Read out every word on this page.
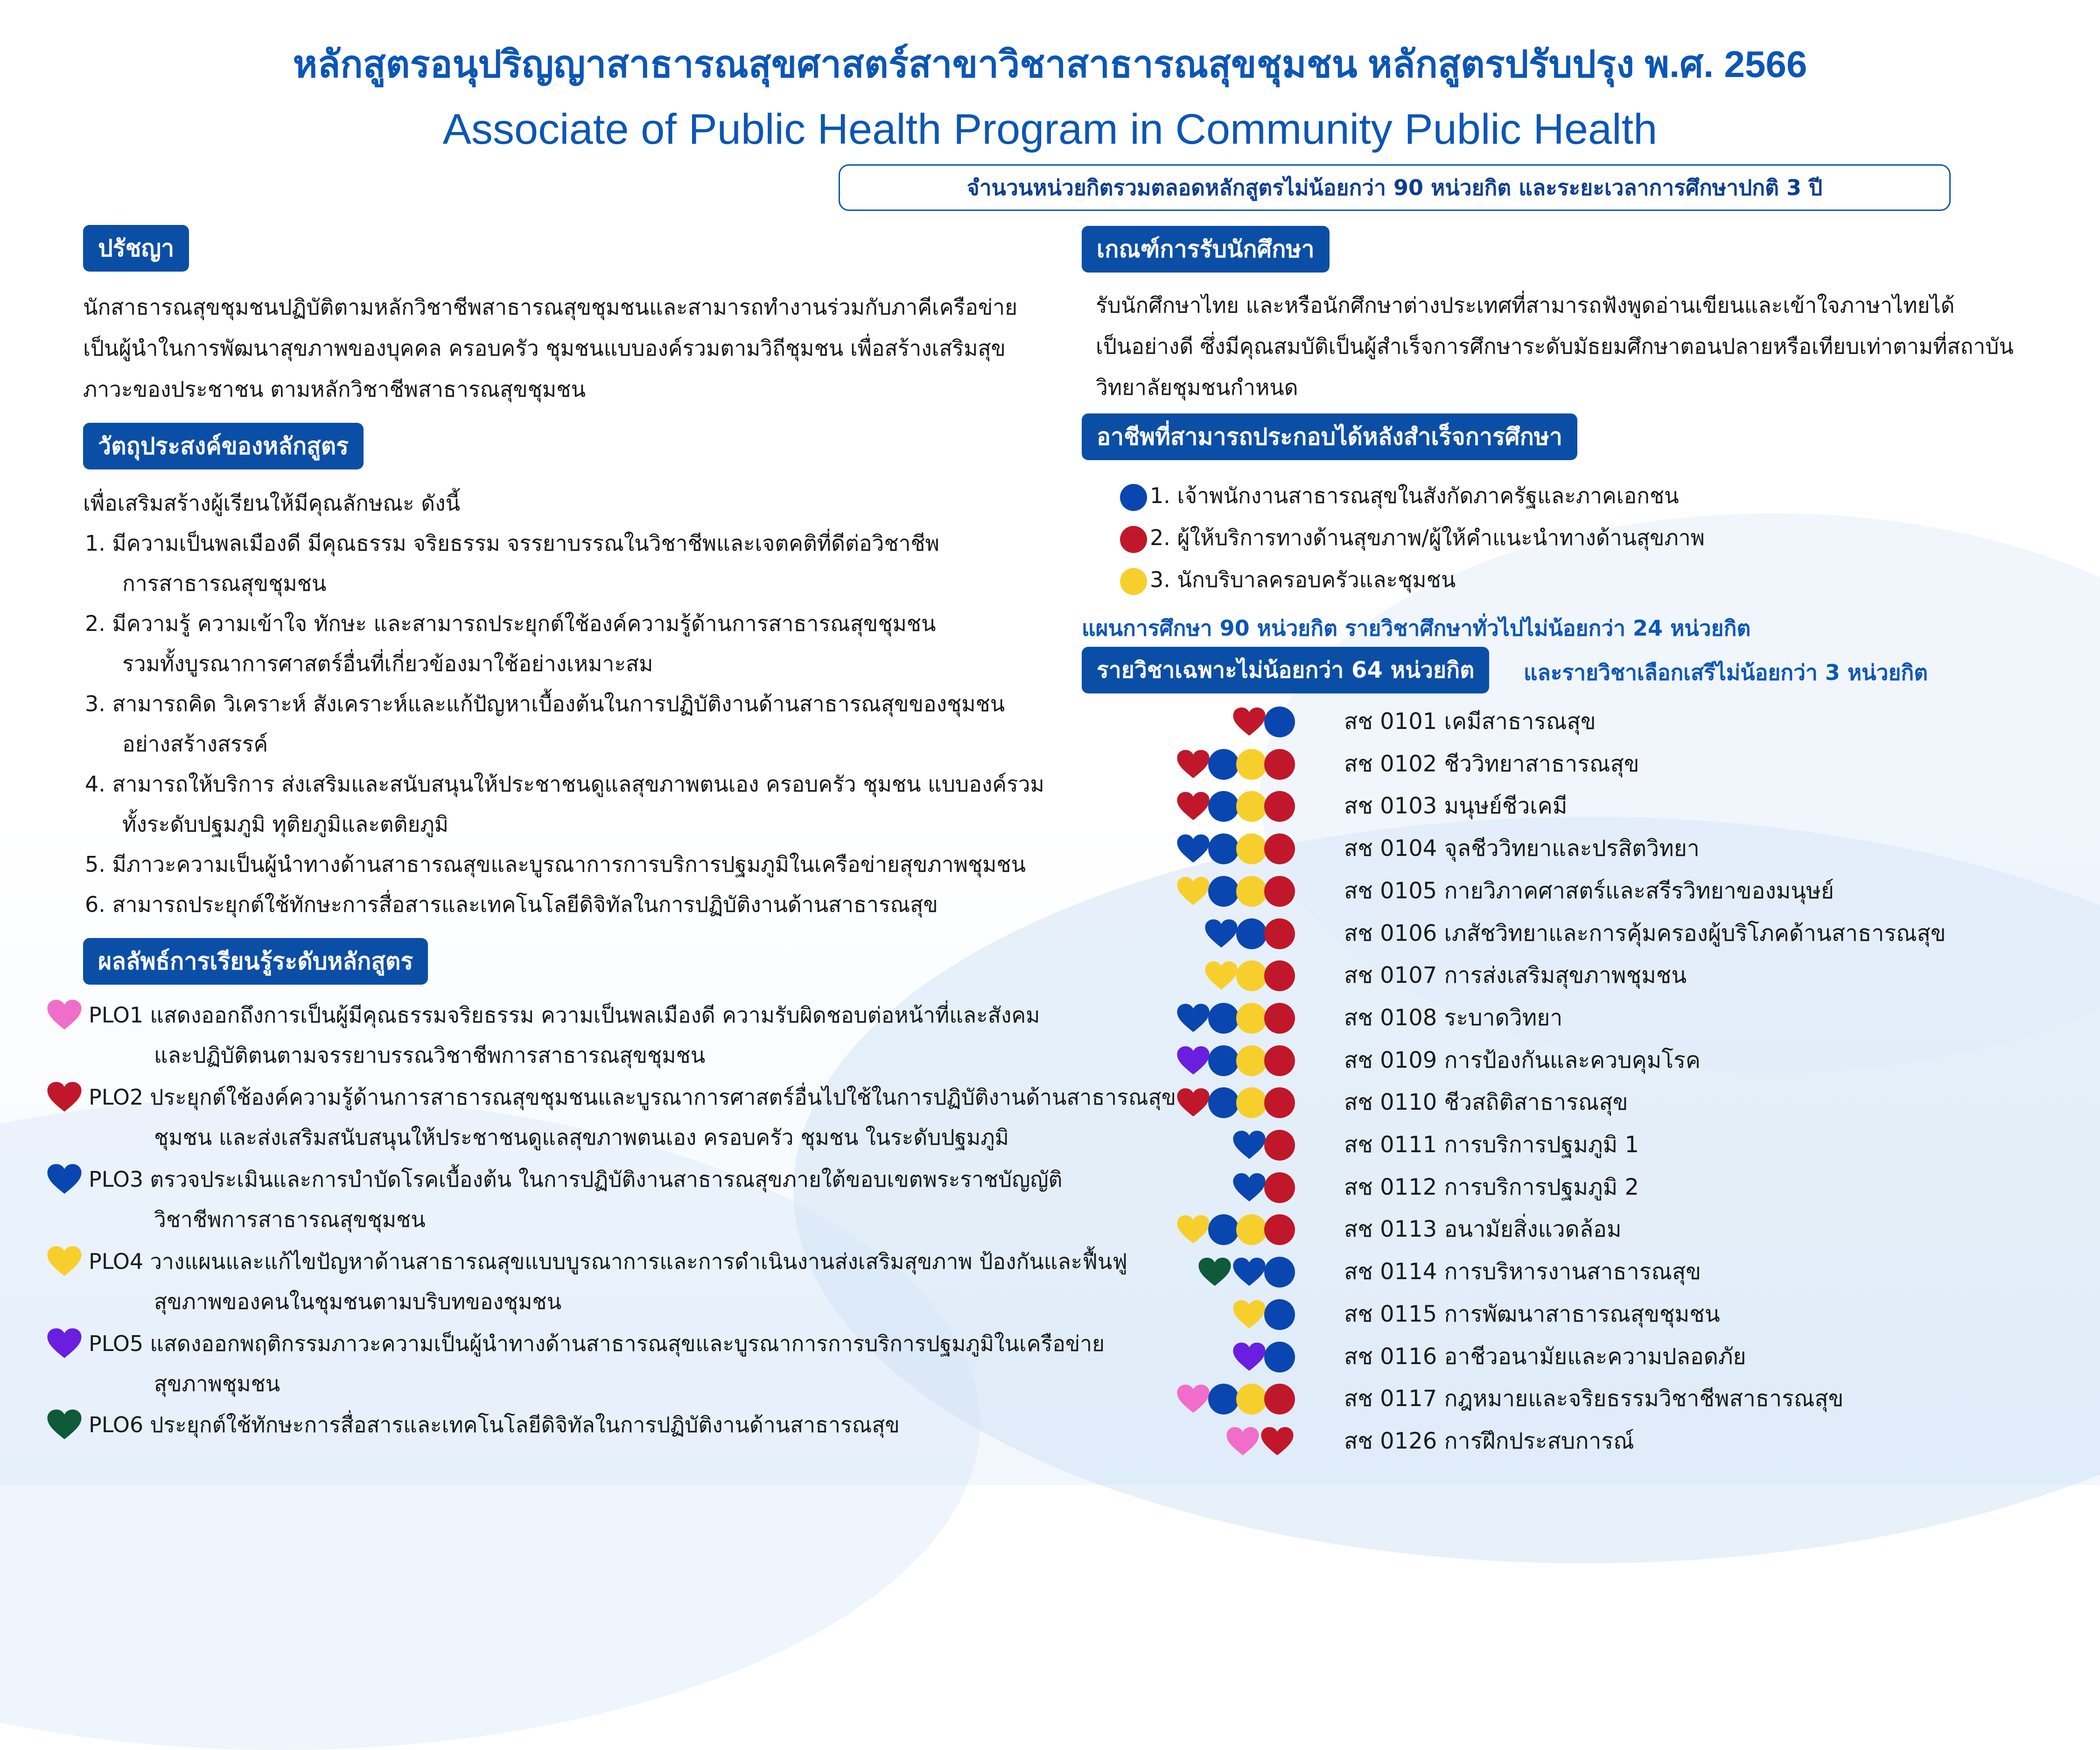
หลักสูตรอนุปริญญาสาธารณสุขศาสตร์สาขาวิชาสาธารณสุขชุมชน หลักสูตรปรับปรุง พ.ศ. 2566
Associate of Public Health Program in Community Public Health
จำนวนหน่วยกิตรวมตลอดหลักสูตรไม่น้อยกว่า 90 หน่วยกิต และระยะเวลาการศึกษาปกติ 3 ปี
ปรัชญา
นักสาธารณสุขชุมชนปฏิบัติตามหลักวิชาชีพสาธารณสุขชุมชนและสามารถทำงานร่วมกับภาคีเครือข่าย
เป็นผู้นำในการพัฒนาสุขภาพของบุคคล ครอบครัว ชุมชนแบบองค์รวมตามวิถีชุมชน เพื่อสร้างเสริมสุข
ภาวะของประชาชน ตามหลักวิชาชีพสาธารณสุขชุมชน
วัตถุประสงค์ของหลักสูตร
เพื่อเสริมสร้างผู้เรียนให้มีคุณลักษณะ ดังนี้
1. มีความเป็นพลเมืองดี มีคุณธรรม จริยธรรม จรรยาบรรณในวิชาชีพและเจตคติที่ดีต่อวิชาชีพ
การสาธารณสุขชุมชน
2. มีความรู้ ความเข้าใจ ทักษะ และสามารถประยุกต์ใช้องค์ความรู้ด้านการสาธารณสุขชุมชน
รวมทั้งบูรณาการศาสตร์อื่นที่เกี่ยวข้องมาใช้อย่างเหมาะสม
3. สามารถคิด วิเคราะห์ สังเคราะห์และแก้ปัญหาเบื้องต้นในการปฏิบัติงานด้านสาธารณสุขของชุมชน
อย่างสร้างสรรค์
4. สามารถให้บริการ ส่งเสริมและสนับสนุนให้ประชาชนดูแลสุขภาพตนเอง ครอบครัว ชุมชน แบบองค์รวม
ทั้งระดับปฐมภูมิ ทุติยภูมิและตติยภูมิ
5. มีภาวะความเป็นผู้นำทางด้านสาธารณสุขและบูรณาการการบริการปฐมภูมิในเครือข่ายสุขภาพชุมชน
6. สามารถประยุกต์ใช้ทักษะการสื่อสารและเทคโนโลยีดิจิทัลในการปฏิบัติงานด้านสาธารณสุข
ผลลัพธ์การเรียนรู้ระดับหลักสูตร
PLO1 แสดงออกถึงการเป็นผู้มีคุณธรรมจริยธรรม ความเป็นพลเมืองดี ความรับผิดชอบต่อหน้าที่และสังคม
และปฏิบัติตนตามจรรยาบรรณวิชาชีพการสาธารณสุขชุมชน
PLO2 ประยุกต์ใช้องค์ความรู้ด้านการสาธารณสุขชุมชนและบูรณาการศาสตร์อื่นไปใช้ในการปฏิบัติงานด้านสาธารณสุข
ชุมชน และส่งเสริมสนับสนุนให้ประชาชนดูแลสุขภาพตนเอง ครอบครัว ชุมชน ในระดับปฐมภูมิ
PLO3 ตรวจประเมินและการบำบัดโรคเบื้องต้น ในการปฏิบัติงานสาธารณสุขภายใต้ขอบเขตพระราชบัญญัติ
วิชาชีพการสาธารณสุขชุมชน
PLO4 วางแผนและแก้ไขปัญหาด้านสาธารณสุขแบบบูรณาการและการดำเนินงานส่งเสริมสุขภาพ ป้องกันและฟื้นฟู
สุขภาพของคนในชุมชนตามบริบทของชุมชน
PLO5 แสดงออกพฤติกรรมภาวะความเป็นผู้นำทางด้านสาธารณสุขและบูรณาการการบริการปฐมภูมิในเครือข่าย
สุขภาพชุมชน
PLO6 ประยุกต์ใช้ทักษะการสื่อสารและเทคโนโลยีดิจิทัลในการปฏิบัติงานด้านสาธารณสุข
เกณฑ์การรับนักศึกษา
รับนักศึกษาไทย และหรือนักศึกษาต่างประเทศที่สามารถฟังพูดอ่านเขียนและเข้าใจภาษาไทยได้
เป็นอย่างดี ซึ่งมีคุณสมบัติเป็นผู้สำเร็จการศึกษาระดับมัธยมศึกษาตอนปลายหรือเทียบเท่าตามที่สถาบัน
วิทยาลัยชุมชนกำหนด
อาชีพที่สามารถประกอบได้หลังสำเร็จการศึกษา
1. เจ้าพนักงานสาธารณสุขในสังกัดภาครัฐและภาคเอกชน
2. ผู้ให้บริการทางด้านสุขภาพ/ผู้ให้คำแนะนำทางด้านสุขภาพ
3. นักบริบาลครอบครัวและชุมชน
แผนการศึกษา 90 หน่วยกิต รายวิชาศึกษาทั่วไปไม่น้อยกว่า 24 หน่วยกิต
รายวิชาเฉพาะไม่น้อยกว่า 64 หน่วยกิต	และรายวิชาเลือกเสรีไม่น้อยกว่า 3 หน่วยกิต
สช 0101 เคมีสาธารณสุข
สช 0102 ชีววิทยาสาธารณสุข
สช 0103 มนุษย์ชีวเคมี
สช 0104 จุลชีววิทยาและปรสิตวิทยา
สช 0105 กายวิภาคศาสตร์และสรีรวิทยาของมนุษย์
สช 0106 เภสัชวิทยาและการคุ้มครองผู้บริโภคด้านสาธารณสุข
สช 0107 การส่งเสริมสุขภาพชุมชน
สช 0108 ระบาดวิทยา
สช 0109 การป้องกันและควบคุมโรค
สช 0110 ชีวสถิติสาธารณสุข
สช 0111 การบริการปฐมภูมิ 1
สช 0112 การบริการปฐมภูมิ 2
สช 0113 อนามัยสิ่งแวดล้อม
สช 0114 การบริหารงานสาธารณสุข
สช 0115 การพัฒนาสาธารณสุขชุมชน
สช 0116 อาชีวอนามัยและความปลอดภัย
สช 0117 กฎหมายและจริยธรรมวิชาชีพสาธารณสุข
สช 0126 การฝึกประสบการณ์
